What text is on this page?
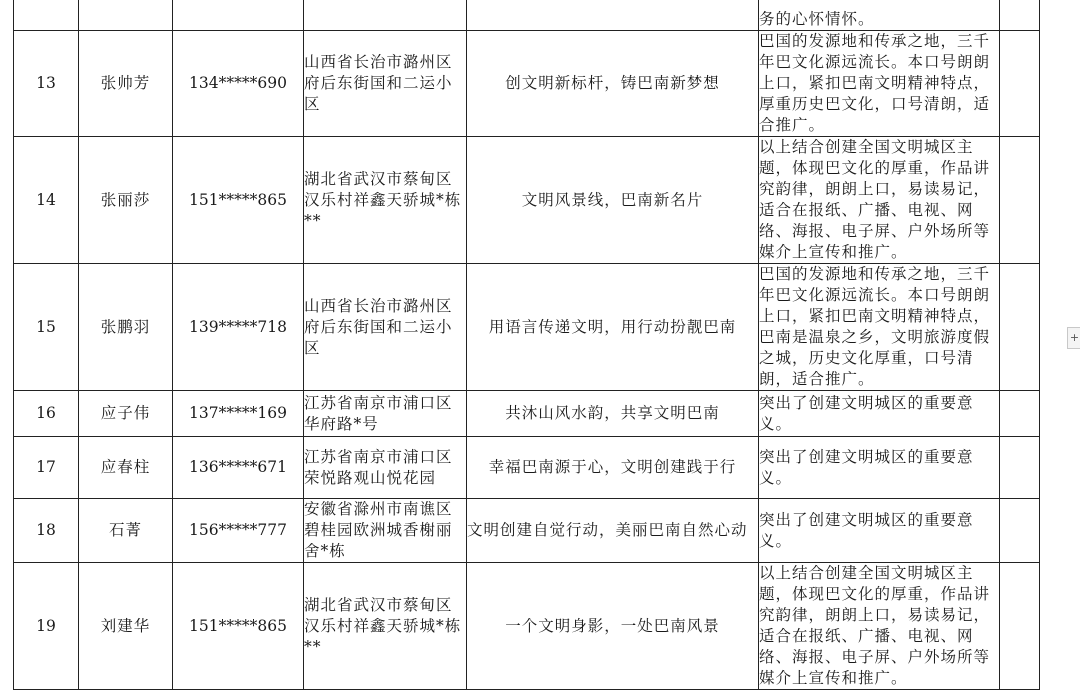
					务的心怀情怀。	
13	张帅芳	134*****690	山西省长治市潞州区府后东街国和二运小区	创文明新标杆，铸巴南新梦想	巴国的发源地和传承之地，三千年巴文化源远流长。本口号朗朗上口，紧扣巴南文明精神特点，厚重历史巴文化，口号清朗，适合推广。	
14	张丽莎	151*****865	湖北省武汉市蔡甸区汉乐村祥鑫天骄城*栋**	文明风景线，巴南新名片	以上结合创建全国文明城区主题，体现巴文化的厚重，作品讲究韵律，朗朗上口，易读易记，适合在报纸、广播、电视、网络、海报、电子屏、户外场所等媒介上宣传和推广。	
15	张鹏羽	139*****718	山西省长治市潞州区府后东街国和二运小区	用语言传递文明，用行动扮靓巴南	巴国的发源地和传承之地，三千年巴文化源远流长。本口号朗朗上口，紧扣巴南文明精神特点，巴南是温泉之乡，文明旅游度假之城，历史文化厚重，口号清朗，适合推广。	
16	应子伟	137*****169	江苏省南京市浦口区华府路*号	共沐山风水韵，共享文明巴南	突出了创建文明城区的重要意义。	
17	应春柱	136*****671	江苏省南京市浦口区荣悦路观山悦花园	幸福巴南源于心，文明创建践于行	突出了创建文明城区的重要意义。	
18	石菁	156*****777	安徽省滁州市南谯区碧桂园欧洲城香榭丽舍*栋	文明创建自觉行动，美丽巴南自然心动	突出了创建文明城区的重要意义。	
19	刘建华	151*****865	湖北省武汉市蔡甸区汉乐村祥鑫天骄城*栋**	一个文明身影，一处巴南风景	以上结合创建全国文明城区主题，体现巴文化的厚重，作品讲究韵律，朗朗上口，易读易记，适合在报纸、广播、电视、网络、海报、电子屏、户外场所等媒介上宣传和推广。	
+
